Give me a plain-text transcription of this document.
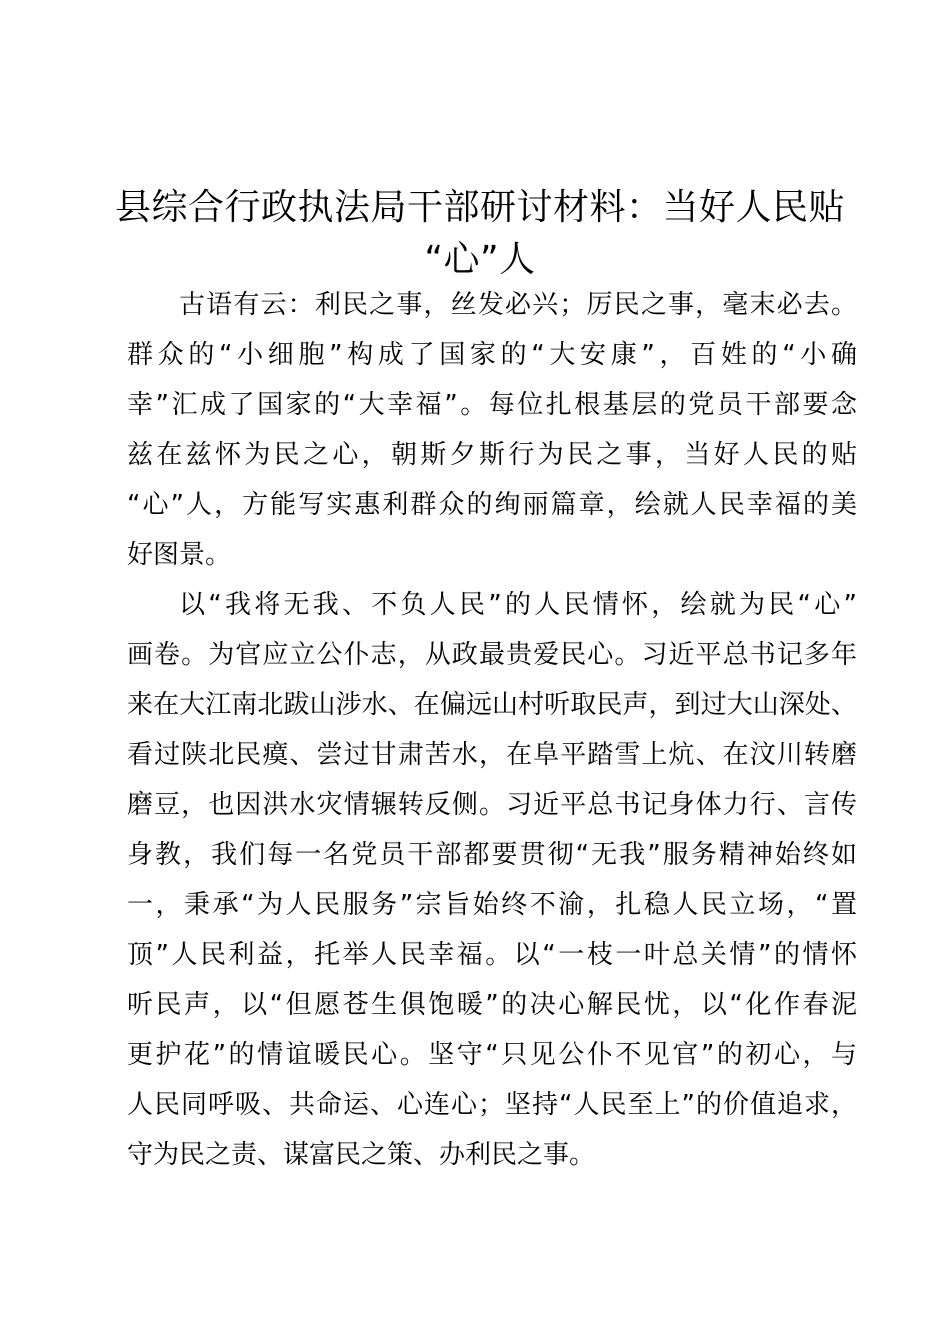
县综合行政执法局干部研讨材料：当好人民贴
“心”人
古语有云：利民之事，丝发必兴；厉民之事，毫末必去。
群众的“小细胞”构成了国家的“大安康”，百姓的“小确
幸”汇成了国家的“大幸福”。每位扎根基层的党员干部要念
兹在兹怀为民之心，朝斯夕斯行为民之事，当好人民的贴
“心”人，方能写实惠利群众的绚丽篇章，绘就人民幸福的美
好图景。
以“我将无我、不负人民”的人民情怀，绘就为民“心”
画卷。为官应立公仆志，从政最贵爱民心。习近平总书记多年
来在大江南北跋山涉水、在偏远山村听取民声，到过大山深处、
看过陕北民瘼、尝过甘肃苦水，在阜平踏雪上炕、在汶川转磨
磨豆，也因洪水灾情辗转反侧。习近平总书记身体力行、言传
身教，我们每一名党员干部都要贯彻“无我”服务精神始终如
一，秉承“为人民服务”宗旨始终不渝，扎稳人民立场，“置
顶”人民利益，托举人民幸福。以“一枝一叶总关情”的情怀
听民声，以“但愿苍生俱饱暖”的决心解民忧，以“化作春泥
更护花”的情谊暖民心。坚守“只见公仆不见官”的初心，与
人民同呼吸、共命运、心连心；坚持“人民至上”的价值追求，
守为民之责、谋富民之策、办利民之事。
